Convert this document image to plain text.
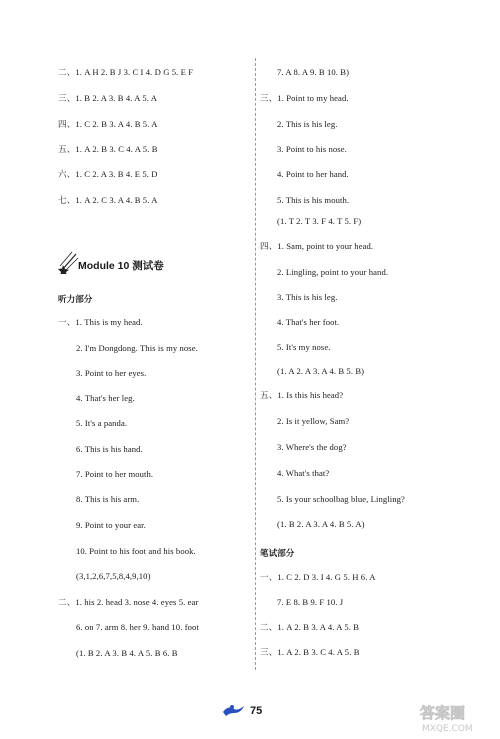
二、1. A H 2. B J 3. C I 4. D G 5. E F
三、1. B 2. A 3. B 4. A 5. A
四、1. C 2. B 3. A 4. B 5. A
五、1. A 2. B 3. C 4. A 5. B
六、1. C 2. A 3. B 4. E 5. D
七、1. A 2. C 3. A 4. B 5. A
Module 10 测试卷
听力部分
一、1. This is my head.
2. I'm Dongdong. This is my nose.
3. Point to her eyes.
4. That's her leg.
5. It's a panda.
6. This is his hand.
7. Point to her mouth.
8. This is his arm.
9. Point to your ear.
10. Point to his foot and his book.
(3,1,2,6,7,5,8,4,9,10)
二、1. his 2. head 3. nose 4. eyes 5. ear
6. on 7. arm 8. her 9. hand 10. foot
(1. B 2. A 3. B 4. A 5. B 6. B
7. A 8. A 9. B 10. B)
三、1. Point to my head.
2. This is his leg.
3. Point to his nose.
4. Point to her hand.
5. This is his mouth.
(1. T 2. T 3. F 4. T 5. F)
四、1. Sam, point to your head.
2. Lingling, point to your hand.
3. This is his leg.
4. That's her foot.
5. It's my nose.
(1. A 2. A 3. A 4. B 5. B)
五、1. Is this his head?
2. Is it yellow, Sam?
3. Where's the dog?
4. What's that?
5. Is your schoolbag blue, Lingling?
(1. B 2. A 3. A 4. B 5. A)
笔试部分
一、1. C 2. D 3. I 4. G 5. H 6. A
7. E 8. B 9. F 10. J
二、1. A 2. B 3. A 4. A 5. B
三、1. A 2. B 3. C 4. A 5. B
75	答案圈
MXQE.COM
